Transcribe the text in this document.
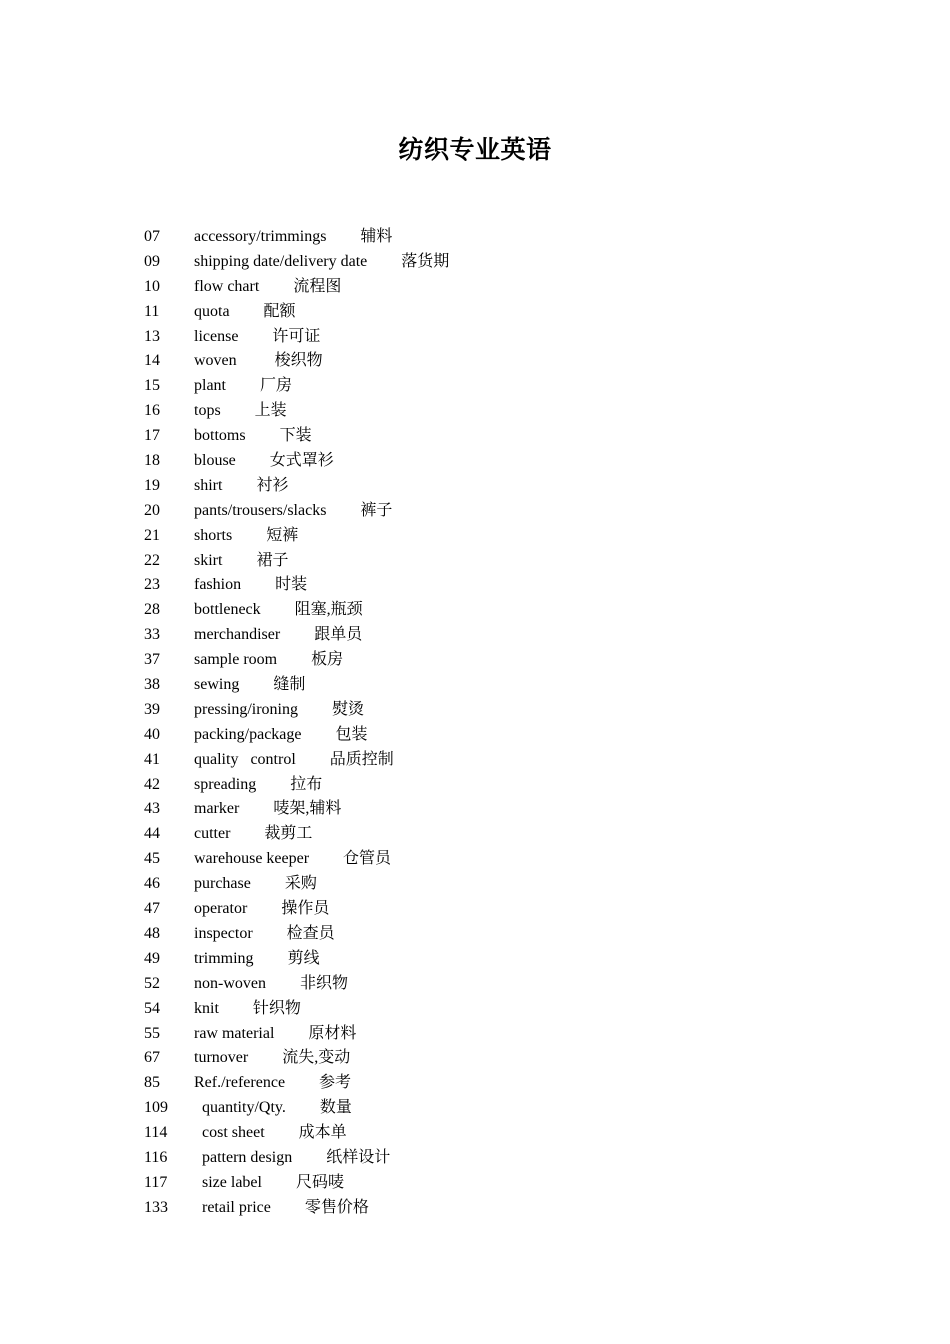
纺织专业英语
07	accessory/trimmings 辅料
09	shipping date/delivery date 落货期
10	flow chart 流程图
11	quota 配额
13	license 许可证
14	woven 梭织物
15	plant 厂房
16	tops 上装
17	bottoms 下装
18	blouse 女式罩衫
19	shirt 衬衫
20	pants/trousers/slacks 裤子
21	shorts 短裤
22	skirt 裙子
23	fashion 时装
28	bottleneck 阻塞,瓶颈
33	merchandiser 跟单员
37	sample room 板房
38	sewing 缝制
39	pressing/ironing 熨烫
40	packing/package 包装
41	quality   control 品质控制
42	spreading 拉布
43	marker 唛架,辅料
44	cutter 裁剪工
45	warehouse keeper 仓管员
46	purchase 采购
47	operator 操作员
48	inspector 检查员
49	trimming 剪线
52	non-woven 非织物
54	knit 针织物
55	raw material 原材料
67	turnover 流失,变动
85	Ref./reference 参考
109	quantity/Qty. 数量
114	cost sheet 成本单
116	pattern design 纸样设计
117	size label 尺码唛
133	retail price 零售价格
